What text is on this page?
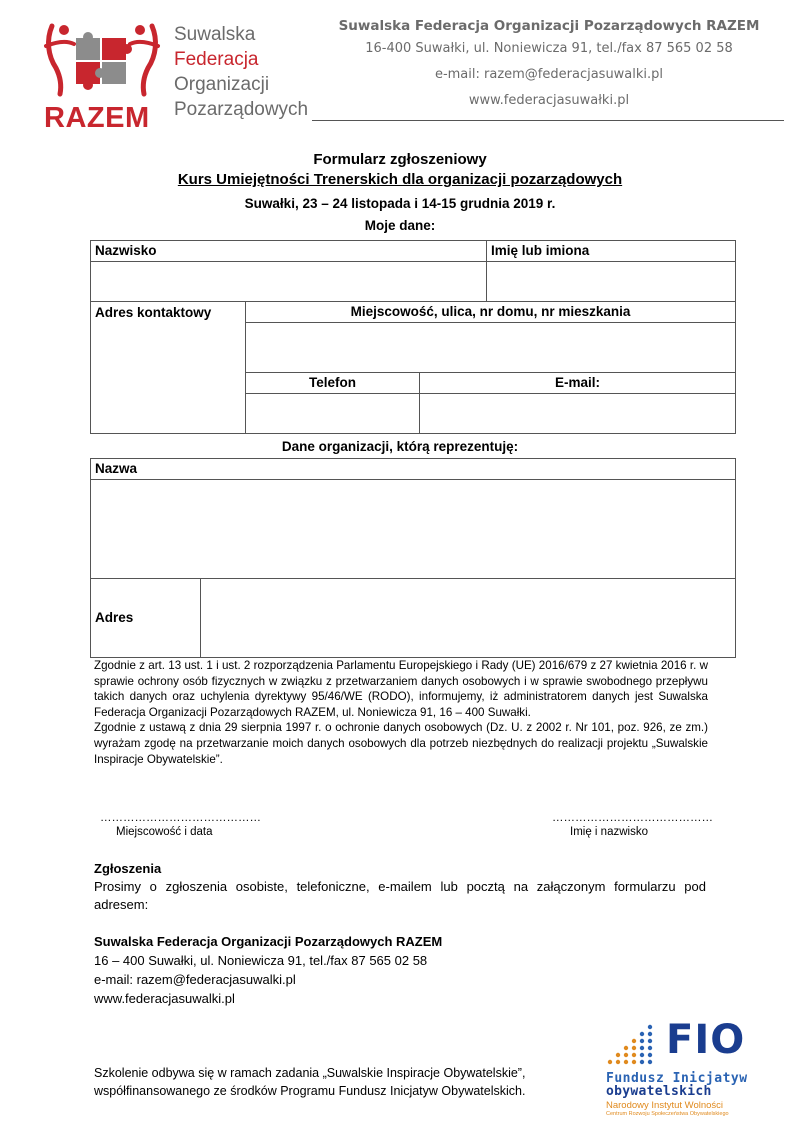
RAZEM
Suwalska
Federacja
Organizacji
Pozarządowych
Suwalska Federacja Organizacji Pozarządowych RAZEM
16-400 Suwałki, ul. Noniewicza 91, tel./fax 87 565 02 58
e-mail: razem@federacjasuwalki.pl
www.federacjasuwałki.pl
Formularz zgłoszeniowy
Kurs Umiejętności Trenerskich dla organizacji pozarządowych
Suwałki, 23 – 24 listopada i 14-15 grudnia 2019 r.
Moje dane:
Nazwisko			Imię lub imiona

Adres kontaktowy	Miejscowość, ulica, nr domu, nr mieszkania		

	Telefon	E-mail:	

Dane organizacji, którą reprezentuję:
Nazwa

Adres	

Zgodnie z art. 13 ust. 1 i ust. 2 rozporządzenia Parlamentu Europejskiego i Rady (UE) 2016/679 z 27 kwietnia 2016 r. w sprawie ochrony osób fizycznych w związku z przetwarzaniem danych osobowych i w sprawie swobodnego przepływu takich danych oraz uchylenia dyrektywy 95/46/WE (RODO), informujemy, iż administratorem danych jest Suwalska Federacja Organizacji Pozarządowych RAZEM, ul. Noniewicza 91, 16 – 400 Suwałki.

Zgodnie z ustawą z dnia 29 sierpnia 1997 r. o ochronie danych osobowych (Dz. U. z 2002 r. Nr 101, poz. 926, ze zm.) wyrażam zgodę na przetwarzanie moich danych osobowych dla potrzeb niezbędnych do realizacji projektu „Suwalskie Inspiracje Obywatelskie”.

……………………………………
Miejscowość i data
……………………………………
Imię i nazwisko
Zgłoszenia
Prosimy o zgłoszenia osobiste, telefoniczne, e-mailem lub pocztą na załączonym formularzu pod adresem:
Suwalska Federacja Organizacji Pozarządowych RAZEM
16 – 400 Suwałki, ul. Noniewicza 91, tel./fax 87 565 02 58
e-mail: razem@federacjasuwalki.pl
www.federacjasuwalki.pl
Szkolenie odbywa się w ramach zadania „Suwalskie Inspiracje Obywatelskie”,
współfinansowanego ze środków Programu Fundusz Inicjatyw Obywatelskich.
FIO
Fundusz Inicjatyw
obywatelskich
Narodowy Instytut Wolności
Centrum Rozwoju Społeczeństwa Obywatelskiego
